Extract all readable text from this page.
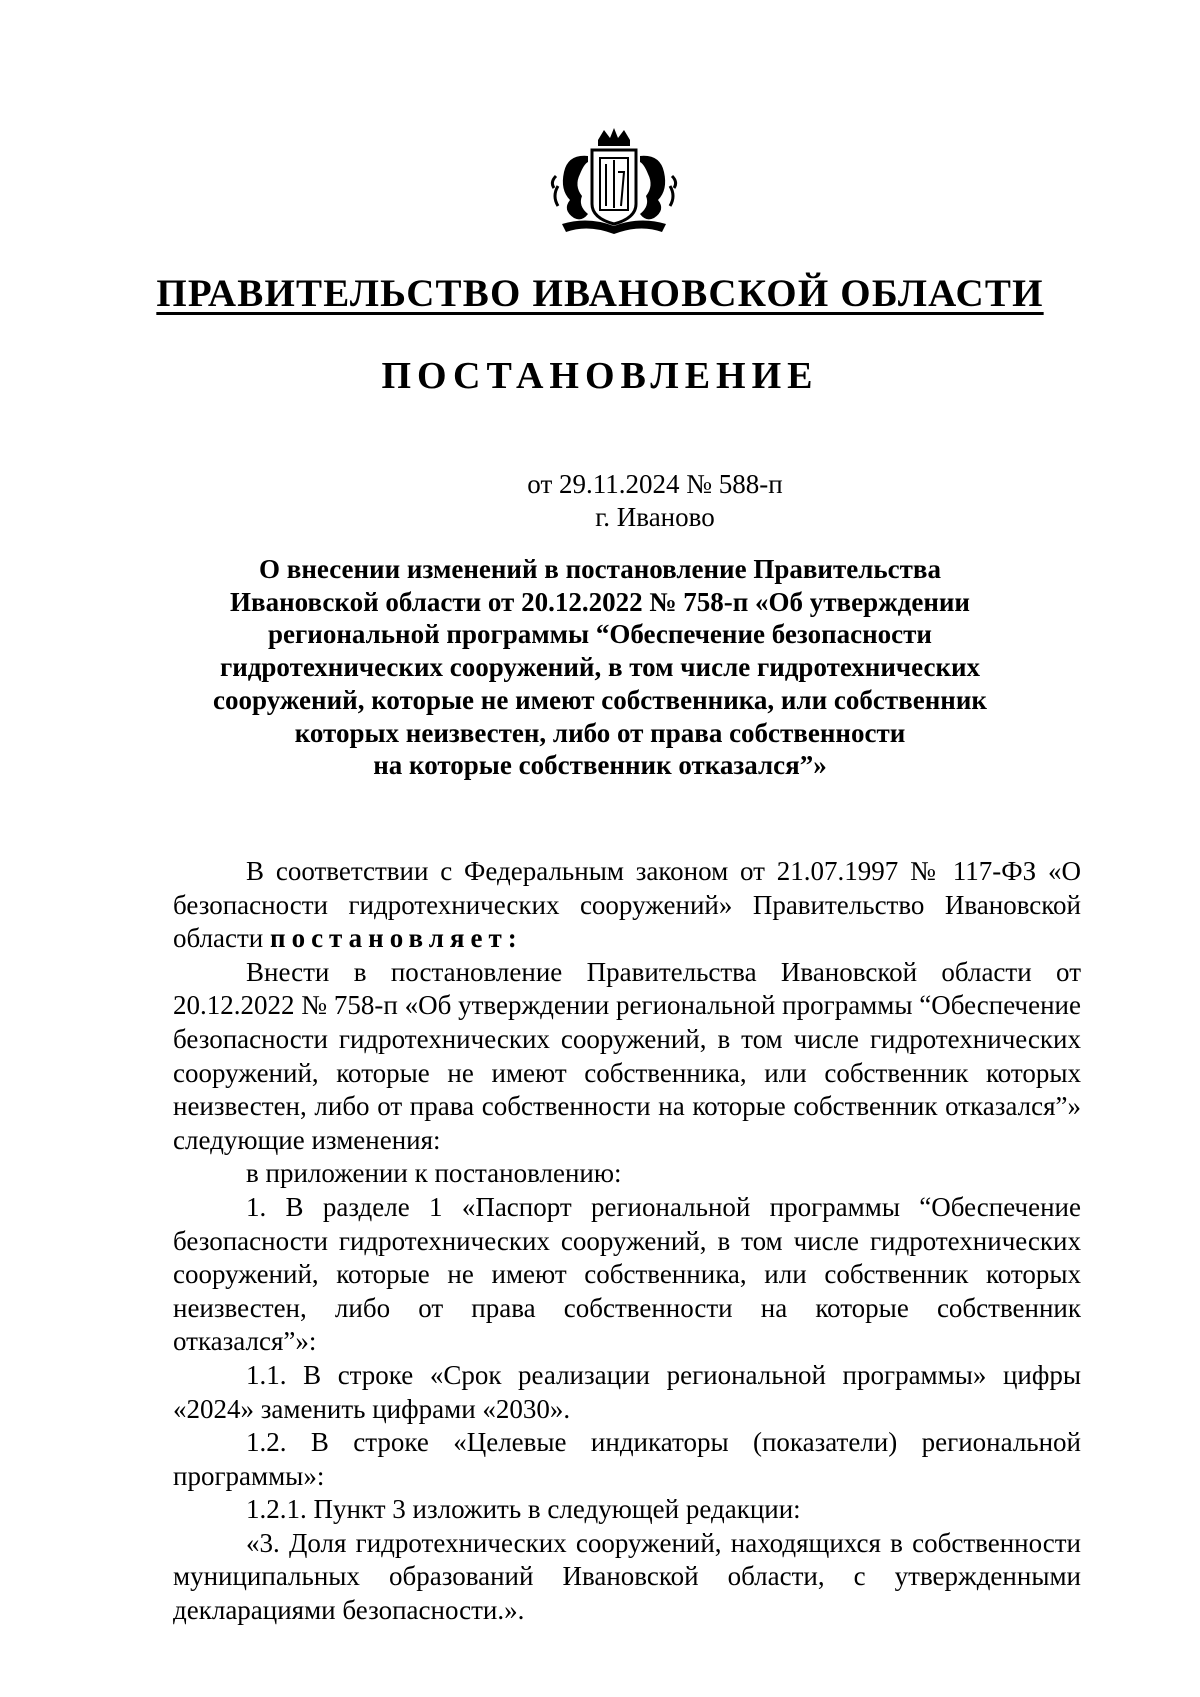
ПРАВИТЕЛЬСТВО ИВАНОВСКОЙ ОБЛАСТИ
ПОСТАНОВЛЕНИЕ
от 29.11.2024 № 588-п
г. Иваново
О внесении изменений в постановление Правительства
Ивановской области от 20.12.2022 № 758-п «Об утверждении
региональной программы “Обеспечение безопасности
гидротехнических сооружений, в том числе гидротехнических
сооружений, которые не имеют собственника, или собственник
которых неизвестен, либо от права собственности
на которые собственник отказался”»

В соответствии с Федеральным законом от 21.07.1997 № 117-ФЗ «О безопасности гидротехнических сооружений» Правительство Ивановской области постановляет:

Внести в постановление Правительства Ивановской области от 20.12.2022 № 758-п «Об утверждении региональной программы “Обеспечение безопасности гидротехнических сооружений, в том числе гидротехнических сооружений, которые не имеют собственника, или собственник которых неизвестен, либо от права собственности на которые собственник отказался”» следующие изменения:

в приложении к постановлению:

1. В разделе 1 «Паспорт региональной программы “Обеспечение безопасности гидротехнических сооружений, в том числе гидротехнических сооружений, которые не имеют собственника, или собственник которых неизвестен, либо от права собственности на которые собственник отказался”»:

1.1. В строке «Срок реализации региональной программы» цифры «2024» заменить цифрами «2030».

1.2. В строке «Целевые индикаторы (показатели) региональной программы»:

1.2.1. Пункт 3 изложить в следующей редакции:

«3. Доля гидротехнических сооружений, находящихся в собственности муниципальных образований Ивановской области, с утвержденными декларациями безопасности.».
